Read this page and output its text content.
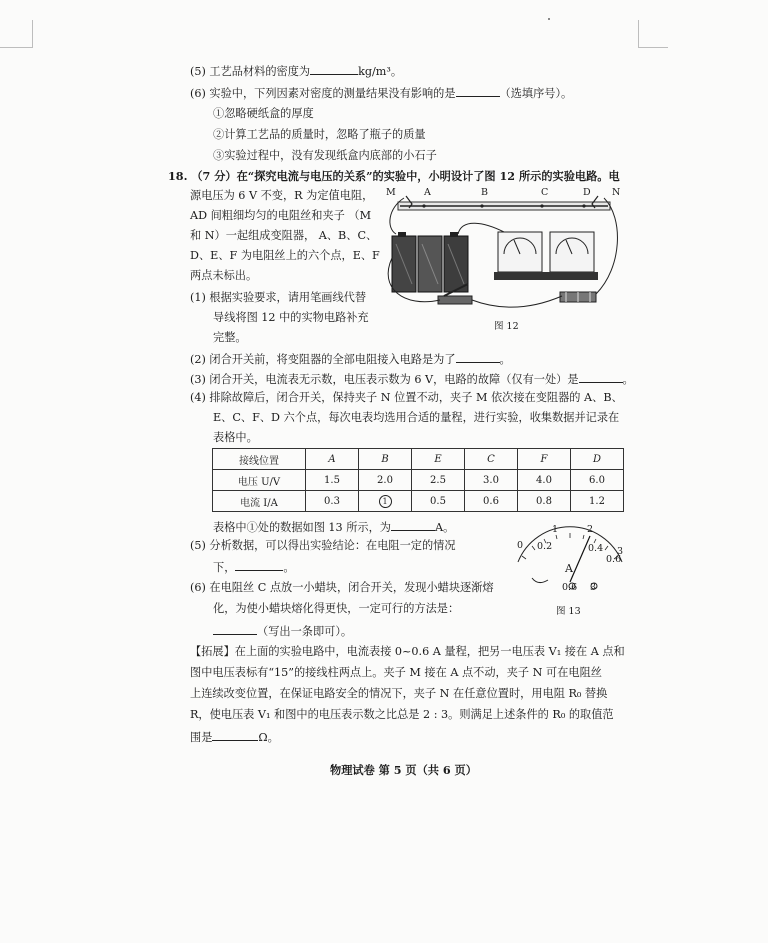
(5) 工艺品材料的密度为	kg/m³。
(6) 实验中，下列因素对密度的测量结果没有影响的是	（选填序号）。
①忽略硬纸盒的厚度
②计算工艺品的质量时，忽略了瓶子的质量
③实验过程中，没有发现纸盒内底部的小石子
18. （7 分）在“探究电流与电压的关系”的实验中，小明设计了图 12 所示的实验电路。电
源电压为 6 V 不变，R 为定值电阻，
AD 间粗细均匀的电阻丝和夹子 （M
和 N）一起组成变阻器， A、B、C、
D、E、F 为电阻丝上的六个点，E、F
两点未标出。
(1) 根据实验要求，请用笔画线代替
导线将图 12 中的实物电路补充
完整。
M	A	B	C	D N
图 12
(2) 闭合开关前，将变阻器的全部电阻接入电路是为了	。
(3) 闭合开关，电流表无示数，电压表示数为 6 V，电路的故障（仅有一处）是	。
(4) 排除故障后，闭合开关，保持夹子 N 位置不动，夹子 M 依次接在变阻器的 A、B、
E、C、F、D 六个点，每次电表均选用合适的量程，进行实验，收集数据并记录在
表格中。
接线位置	A	B	E	C	F	D
电压 U/V	1.5	2.0	2.5	3.0	4.0	6.0
电流 I/A	0.3	1	0.5	0.6	0.8	1.2
表格中①处的数据如图 13 所示，为	A。
(5) 分析数据，可以得出实验结论：在电阻一定的情况
下，	。
(6) 在电阻丝 C 点放一小蜡块，闭合开关，发现小蜡块逐渐熔
化，为使小蜡块熔化得更快，一定可行的方法是：
（写出一条即可）。
0
1	2
3
0.2	0.4
0.6
A
0.6 3
图 13
【拓展】在上面的实验电路中，电流表接 0~0.6 A 量程，把另一电压表 V₁ 接在 A 点和
图中电压表标有“15”的接线柱两点上。夹子 M 接在 A 点不动，夹子 N 可在电阻丝
上连续改变位置，在保证电路安全的情况下，夹子 N 在任意位置时，用电阻 R₀ 替换
R，使电压表 V₁ 和图中的电压表示数之比总是 2 : 3。则满足上述条件的 R₀ 的取值范
围是	Ω。
物理试卷 第 5 页（共 6 页）
